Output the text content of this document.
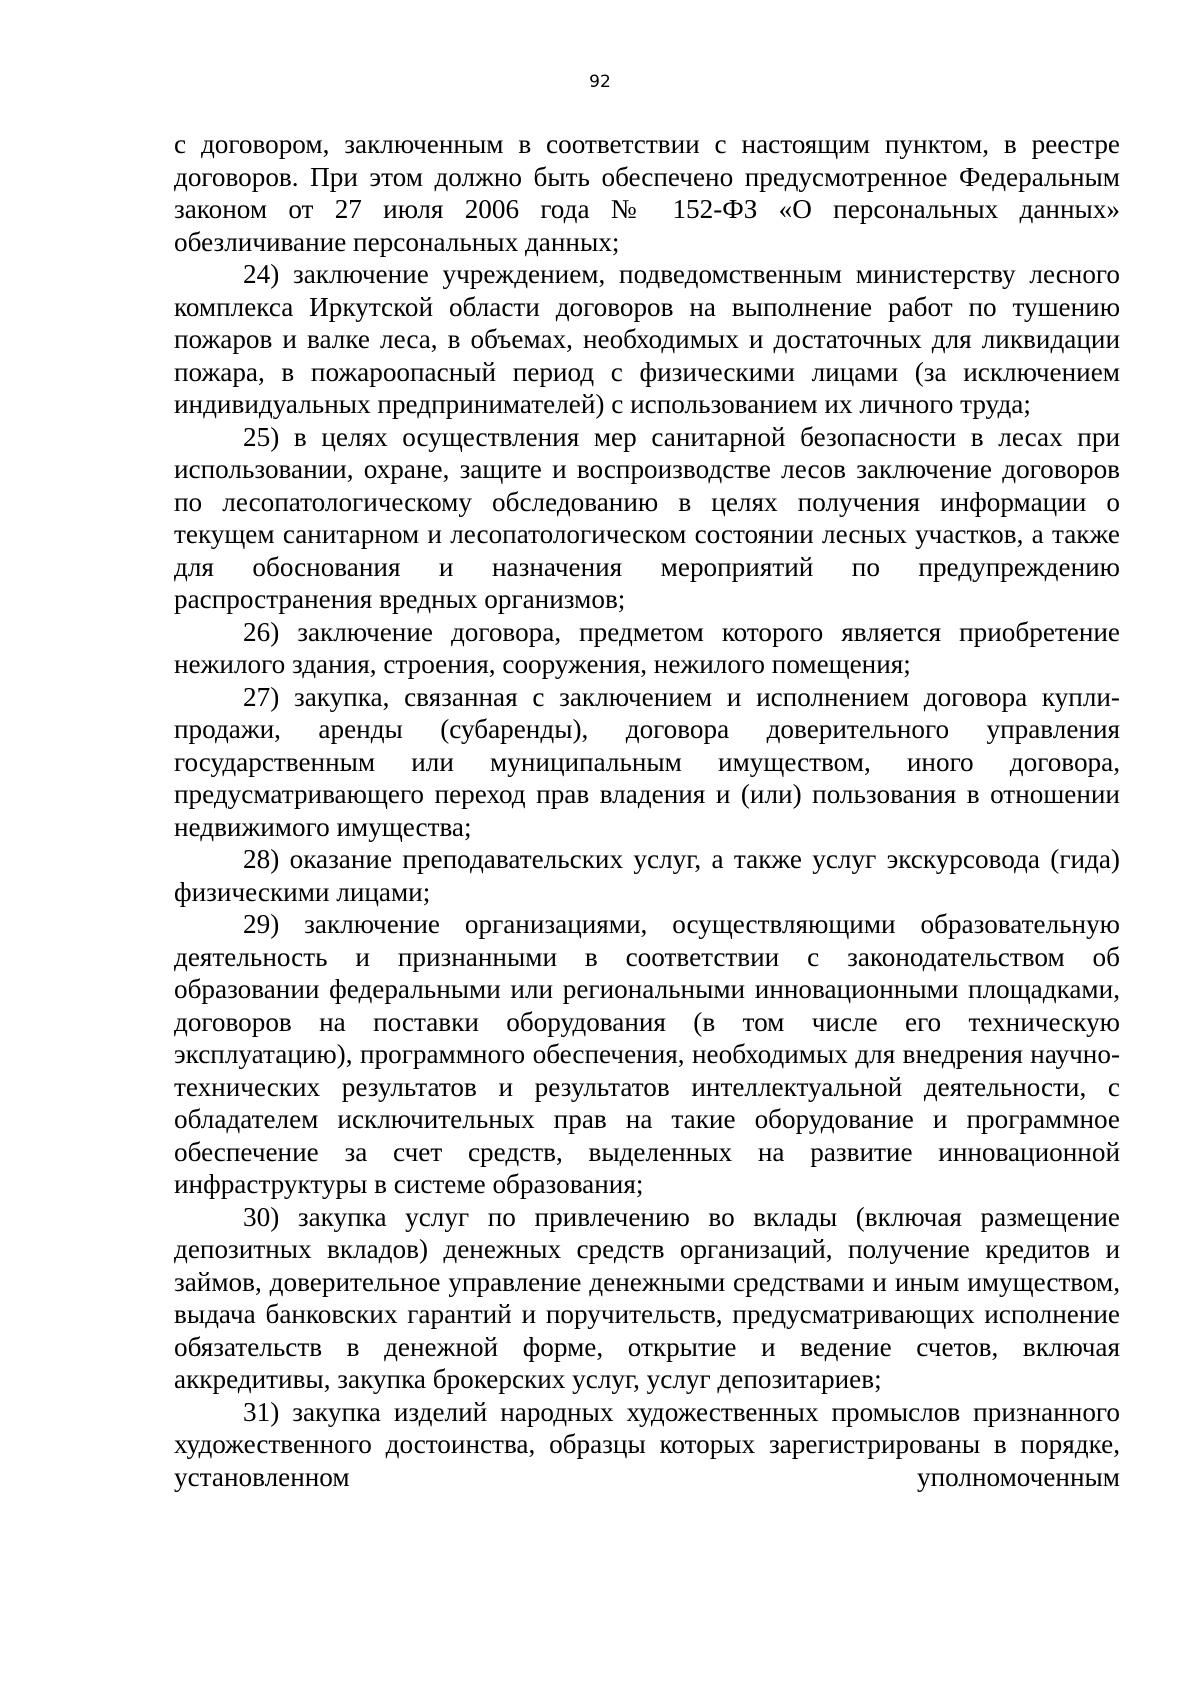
92

с договором, заключенным в соответствии с настоящим пунктом, в реестре договоров. При этом должно быть обеспечено предусмотренное Федеральным законом от 27 июля 2006 года № 152-ФЗ «О персональных данных» обезличивание персональных данных;

24) заключение учреждением, подведомственным министерству лесного комплекса Иркутской области договоров на выполнение работ по тушению пожаров и валке леса, в объемах, необходимых и достаточных для ликвидации пожара, в пожароопасный период с физическими лицами (за исключением индивидуальных предпринимателей) с использованием их личного труда;

25) в целях осуществления мер санитарной безопасности в лесах при использовании, охране, защите и воспроизводстве лесов заключение договоров по лесопатологическому обследованию в целях получения информации о текущем санитарном и лесопатологическом состоянии лесных участков, а также для обоснования и назначения мероприятий по предупреждению распространения вредных организмов;

26) заключение договора, предметом которого является приобретение нежилого здания, строения, сооружения, нежилого помещения;

27) закупка, связанная с заключением и исполнением договора купли-продажи, аренды (субаренды), договора доверительного управления государственным или муниципальным имуществом, иного договора, предусматривающего переход прав владения и (или) пользования в отношении недвижимого имущества;

28) оказание преподавательских услуг, а также услуг экскурсовода (гида) физическими лицами;

29) заключение организациями, осуществляющими образовательную деятельность и признанными в соответствии с законодательством об образовании федеральными или региональными инновационными площадками, договоров на поставки оборудования (в том числе его техническую эксплуатацию), программного обеспечения, необходимых для внедрения научно-технических результатов и результатов интеллектуальной деятельности, с обладателем исключительных прав на такие оборудование и программное обеспечение за счет средств, выделенных на развитие инновационной инфраструктуры в системе образования;

30) закупка услуг по привлечению во вклады (включая размещение депозитных вкладов) денежных средств организаций, получение кредитов и займов, доверительное управление денежными средствами и иным имуществом, выдача банковских гарантий и поручительств, предусматривающих исполнение обязательств в денежной форме, открытие и ведение счетов, включая аккредитивы, закупка брокерских услуг, услуг депозитариев;

31) закупка изделий народных художественных промыслов признанного художественного достоинства, образцы которых зарегистрированы в порядке, установленном уполномоченным
